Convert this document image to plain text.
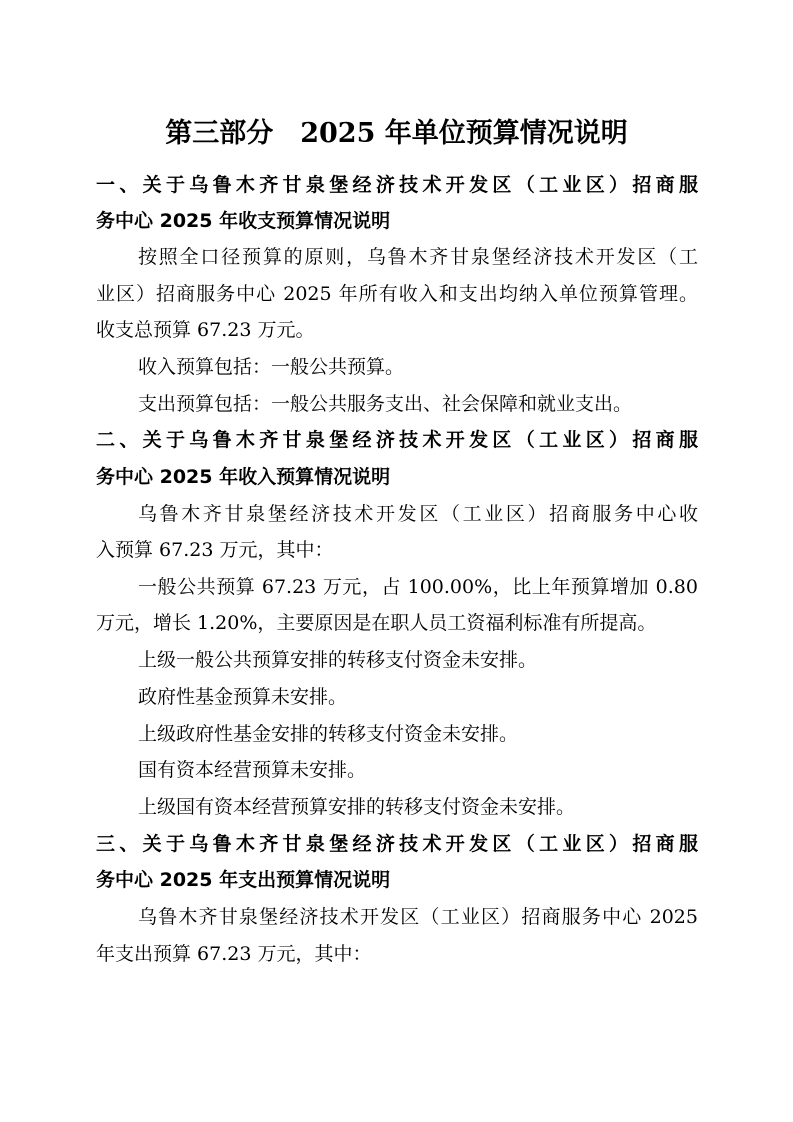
第三部分　2025 年单位预算情况说明
一、关于乌鲁木齐甘泉堡经济技术开发区（工业区）招商服
务中心 2025 年收支预算情况说明
按照全口径预算的原则，乌鲁木齐甘泉堡经济技术开发区（工
业区）招商服务中心 2025 年所有收入和支出均纳入单位预算管理。
收支总预算 67.23 万元。
收入预算包括：一般公共预算。
支出预算包括：一般公共服务支出、社会保障和就业支出。
二、关于乌鲁木齐甘泉堡经济技术开发区（工业区）招商服
务中心 2025 年收入预算情况说明
乌鲁木齐甘泉堡经济技术开发区（工业区）招商服务中心收
入预算 67.23 万元，其中：
一般公共预算 67.23 万元，占 100.00%，比上年预算增加 0.80
万元，增长 1.20%，主要原因是在职人员工资福利标准有所提高。
上级一般公共预算安排的转移支付资金未安排。
政府性基金预算未安排。
上级政府性基金安排的转移支付资金未安排。
国有资本经营预算未安排。
上级国有资本经营预算安排的转移支付资金未安排。
三、关于乌鲁木齐甘泉堡经济技术开发区（工业区）招商服
务中心 2025 年支出预算情况说明
乌鲁木齐甘泉堡经济技术开发区（工业区）招商服务中心 2025
年支出预算 67.23 万元，其中：
